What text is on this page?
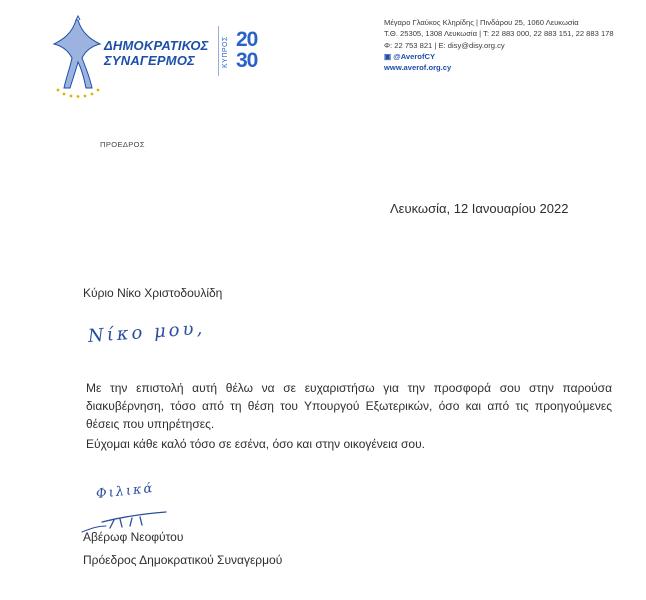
ΔΗΜΟΚΡΑΤΙΚΟΣ
ΣΥΝΑΓΕΡΜΟΣ	ΚΥΠΡΟΣ 20
30
Μέγαρο Γλαύκος Κληρίδης | Πινδάρου 25, 1060 Λευκωσία
Τ.Θ. 25305, 1308 Λευκωσία | T: 22 883 000, 22 883 151, 22 883 178
Φ: 22 753 821 | E: disy@disy.org.cy
▣ @AverofCY
www.averof.org.cy
ΠΡΟΕΔΡΟΣ
Λευκωσία, 12 Ιανουαρίου 2022
Κύριο Νίκο Χριστοδουλίδη
Νίκο μου,
Με την επιστολή αυτή θέλω να σε ευχαριστήσω για την προσφορά σου στην παρούσα διακυβέρνηση, τόσο από τη θέση του Υπουργού Εξωτερικών, όσο και από τις προηγούμενες θέσεις που υπηρέτησες.
Εύχομαι κάθε καλό τόσο σε εσένα, όσο και στην οικογένεια σου.
Φιλικά
Αβέρωφ Νεοφύτου
Πρόεδρος Δημοκρατικού Συναγερμού
